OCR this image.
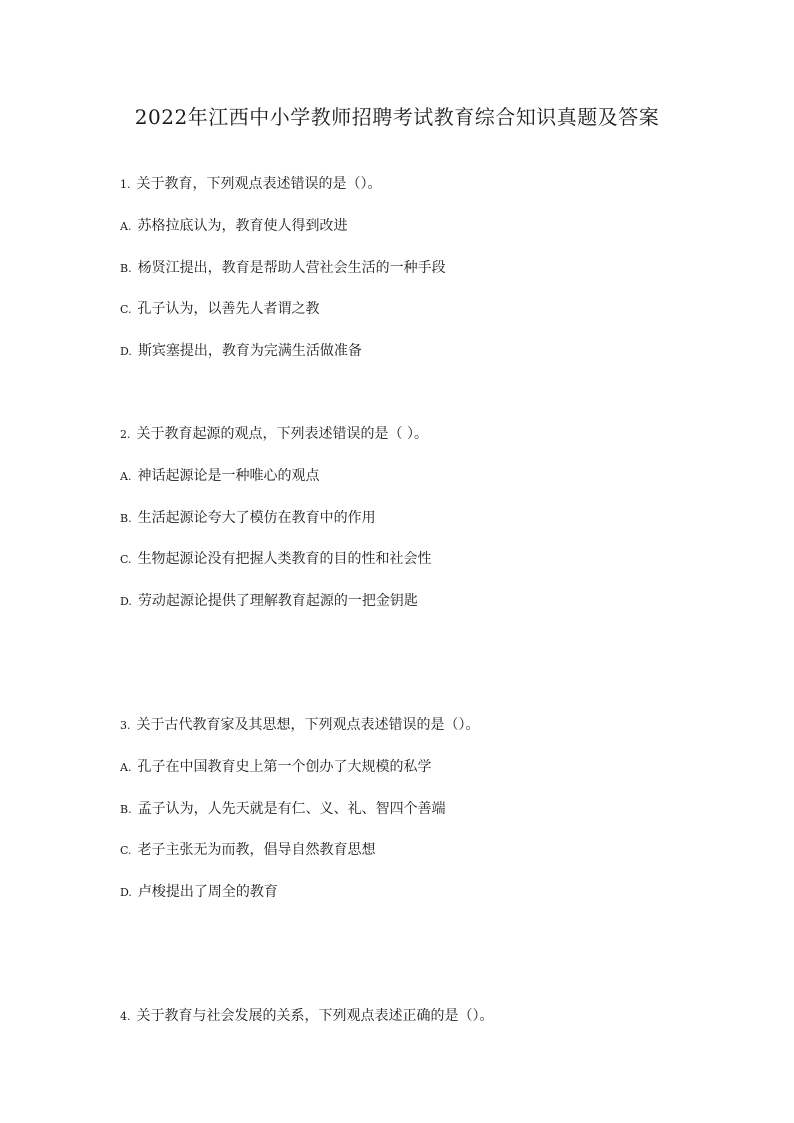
2022年江西中小学教师招聘考试教育综合知识真题及答案
1. 关于教育，下列观点表述错误的是（）。
A. 苏格拉底认为，教育使人得到改进
B. 杨贤江提出，教育是帮助人营社会生活的一种手段
C. 孔子认为，以善先人者谓之教
D. 斯宾塞提出，教育为完满生活做准备
2. 关于教育起源的观点，下列表述错误的是（ ）。
A. 神话起源论是一种唯心的观点
B. 生活起源论夸大了模仿在教育中的作用
C. 生物起源论没有把握人类教育的目的性和社会性
D. 劳动起源论提供了理解教育起源的一把金钥匙
3. 关于古代教育家及其思想，下列观点表述错误的是（）。
A. 孔子在中国教育史上第一个创办了大规模的私学
B. 孟子认为，人先天就是有仁、义、礼、智四个善端
C. 老子主张无为而教，倡导自然教育思想
D. 卢梭提出了周全的教育
4. 关于教育与社会发展的关系，下列观点表述正确的是（）。
